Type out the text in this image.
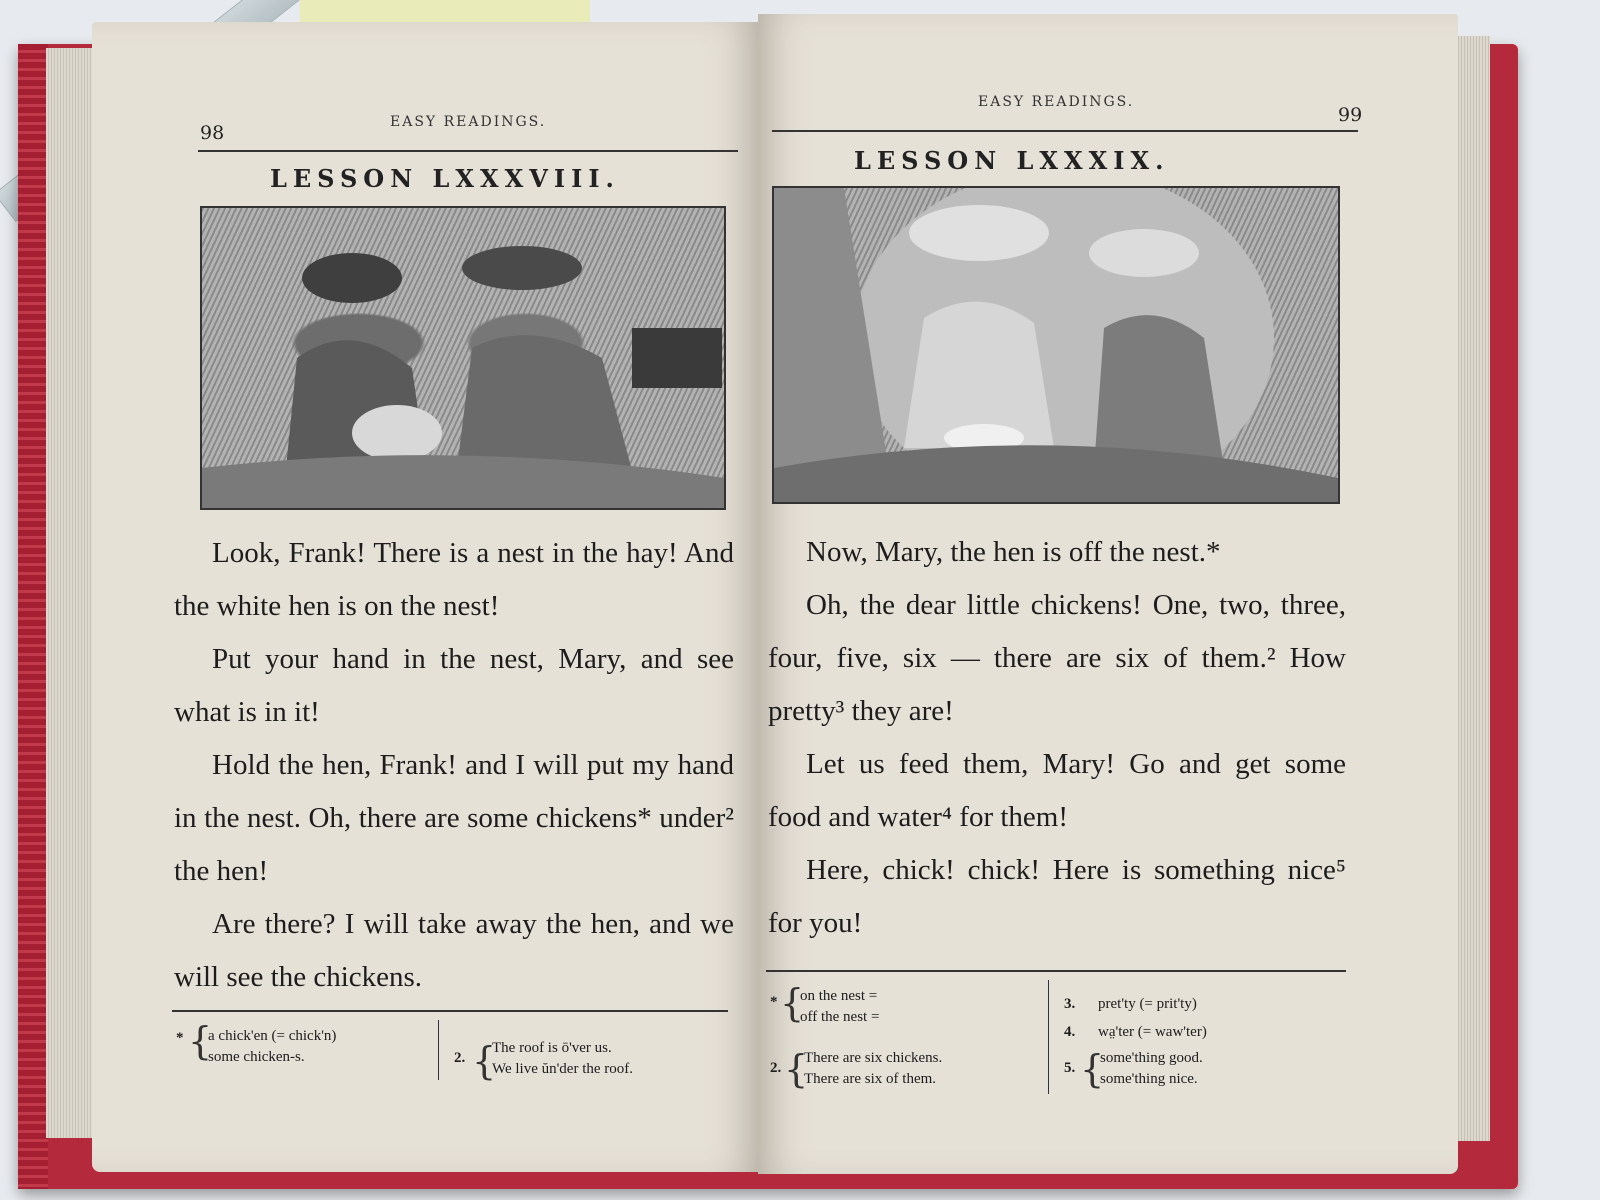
98	EASY READINGS.
LESSON LXXXVIII.

Look, Frank! There is a nest in the hay! And the white hen is on the nest!

Put your hand in the nest, Mary, and see what is in it!

Hold the hen, Frank! and I will put my hand in the nest. Oh, there are some chickens* under² the hen!

Are there? I will take away the hen, and we will see the chickens.

* {
a chick'en (= chick'n)
some chicken-s.	2. {
The roof is ō'ver us.
We live ŭn'der the roof.
EASY READINGS.
99
LESSON LXXXIX.

Now, Mary, the hen is off the nest.*

Oh, the dear little chickens! One, two, three, four, five, six — there are six of them.² How pretty³ they are!

Let us feed them, Mary! Go and get some food and water⁴ for them!

Here, chick! chick! Here is something nice⁵ for you!

* {
on the nest =
off the nest =
2. {
There are six chickens.
There are six of them.
3. pret'ty (= prit'ty)
4. wa̤'ter (= waw'ter)
5. {
some'thing good.
some'thing nice.
